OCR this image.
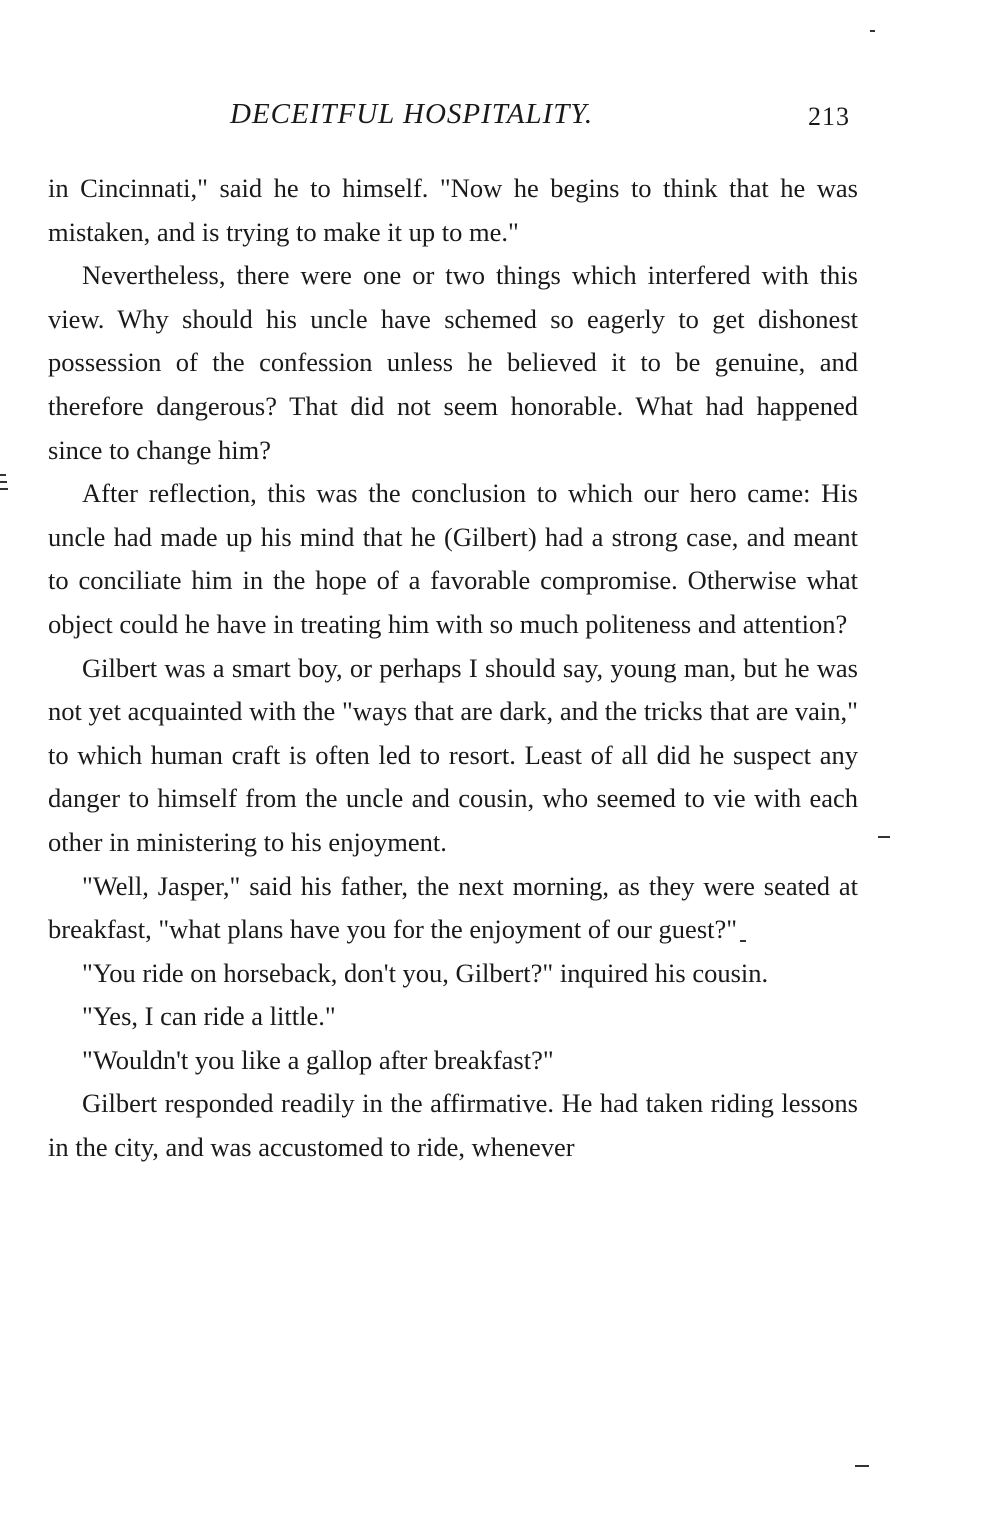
DECEITFUL HOSPITALITY.	213

in Cincinnati," said he to himself. "Now he begins to think that he was mistaken, and is trying to make it up to me."

Nevertheless, there were one or two things which interfered with this view. Why should his uncle have schemed so eagerly to get dishonest possession of the confession unless he believed it to be genuine, and therefore dangerous? That did not seem honorable. What had happened since to change him?

After reflection, this was the conclusion to which our hero came: His uncle had made up his mind that he (Gilbert) had a strong case, and meant to conciliate him in the hope of a favorable compromise. Otherwise what object could he have in treating him with so much politeness and attention?

Gilbert was a smart boy, or perhaps I should say, young man, but he was not yet acquainted with the "ways that are dark, and the tricks that are vain," to which human craft is often led to resort. Least of all did he suspect any danger to himself from the uncle and cousin, who seemed to vie with each other in ministering to his enjoyment.

"Well, Jasper," said his father, the next morning, as they were seated at breakfast, "what plans have you for the enjoyment of our guest?"

"You ride on horseback, don't you, Gilbert?" inquired his cousin.

"Yes, I can ride a little."

"Wouldn't you like a gallop after breakfast?"

Gilbert responded readily in the affirmative. He had taken riding lessons in the city, and was accustomed to ride, whenever
